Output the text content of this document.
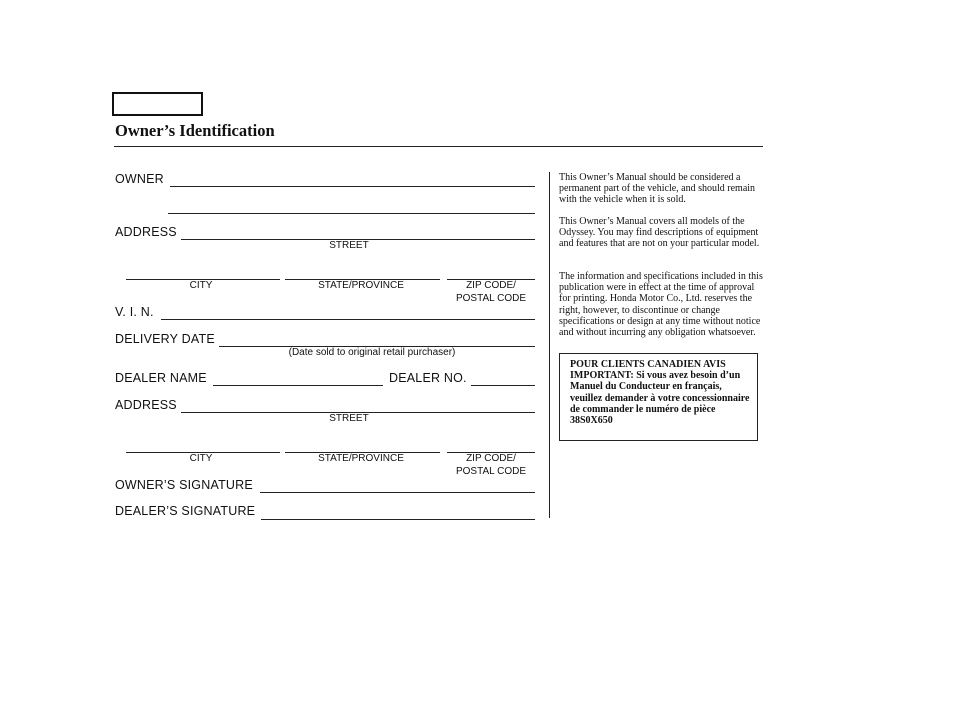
Owner’s Identification
OWNER
ADDRESS
STREET
CITY	STATE/PROVINCE	ZIP CODE/
POSTAL CODE
V. I. N.
DELIVERY DATE
(Date sold to original retail purchaser)
DEALER NAME	DEALER NO.
ADDRESS
STREET
CITY	STATE/PROVINCE	ZIP CODE/
POSTAL CODE
OWNER’S SIGNATURE
DEALER’S SIGNATURE
This Owner’s Manual should be considered a permanent part of the vehicle, and should remain with the vehicle when it is sold.
This Owner’s Manual covers all models of the Odyssey. You may find descriptions of equipment and features that are not on your particular model.
The information and specifications included in this publication were in effect at the time of approval for printing. Honda Motor Co., Ltd. reserves the right, however, to discontinue or change specifications or design at any time without notice and without incurring any obligation whatsoever.
POUR CLIENTS CANADIEN AVIS IMPORTANT: Si vous avez besoin d’un Manuel du Conducteur en français, veuillez demander à votre concessionnaire de commander le numéro de pièce 38S0X650
